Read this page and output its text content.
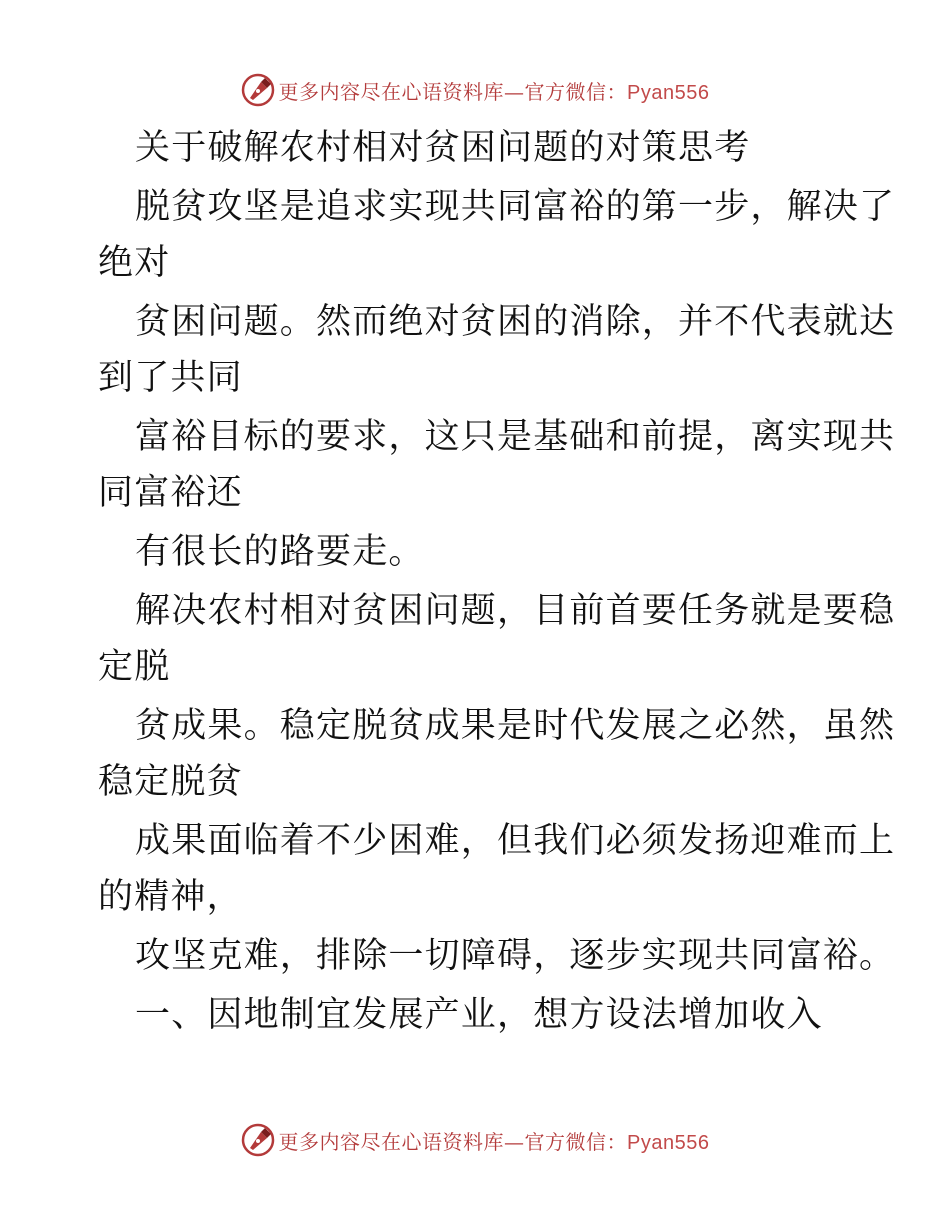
更多内容尽在心语资料库—官方微信：Pyan556
关于破解农村相对贫困问题的对策思考
脱贫攻坚是追求实现共同富裕的第一步，解决了
绝对
贫困问题。然而绝对贫困的消除，并不代表就达
到了共同
富裕目标的要求，这只是基础和前提，离实现共
同富裕还
有很长的路要走。
解决农村相对贫困问题，目前首要任务就是要稳
定脱
贫成果。稳定脱贫成果是时代发展之必然，虽然
稳定脱贫
成果面临着不少困难，但我们必须发扬迎难而上
的精神，
攻坚克难，排除一切障碍，逐步实现共同富裕。
一、因地制宜发展产业，想方设法增加收入
更多内容尽在心语资料库—官方微信：Pyan556
